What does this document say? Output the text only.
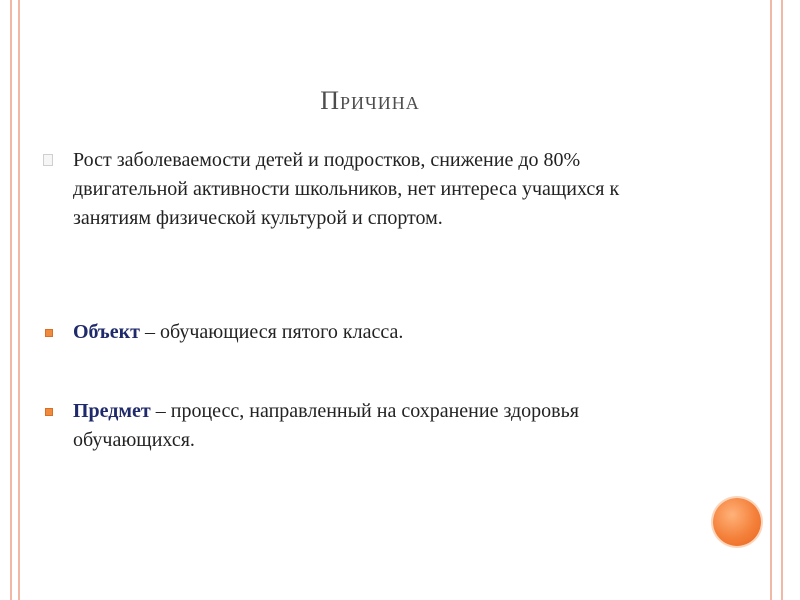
Причина
Рост заболеваемости детей и подростков, снижение до 80% двигательной активности школьников, нет интереса учащихся к занятиям физической культурой и спортом.
Объект – обучающиеся пятого класса.
Предмет – процесс, направленный на сохранение здоровья обучающихся.
